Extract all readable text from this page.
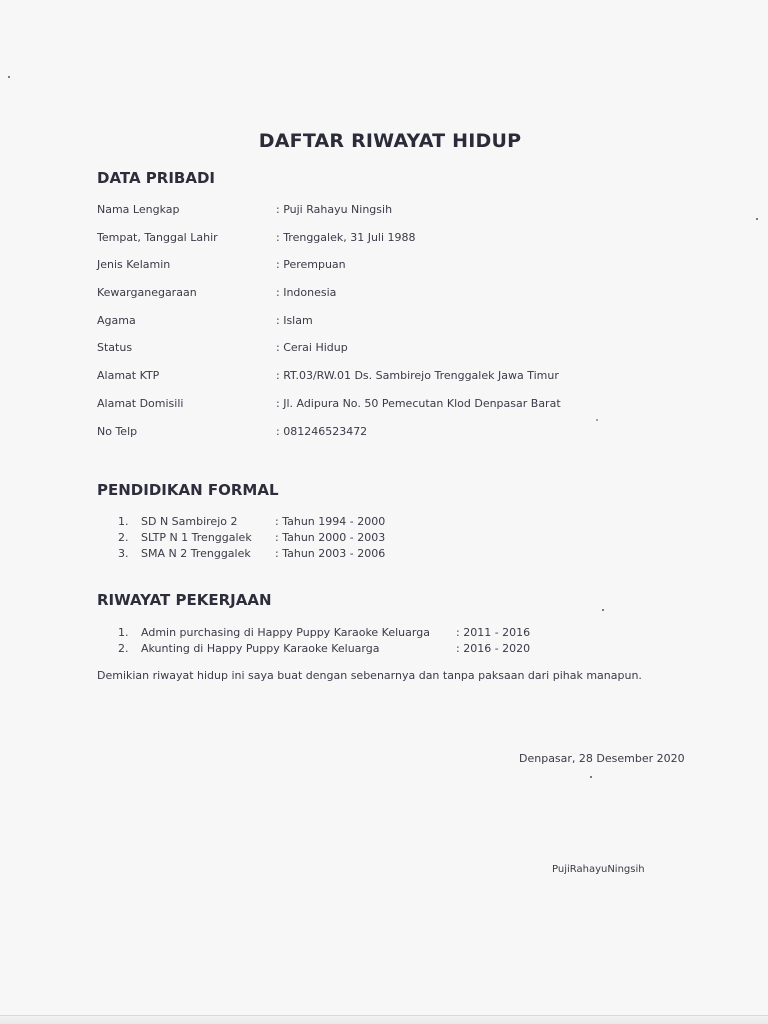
DAFTAR RIWAYAT HIDUP
DATA PRIBADI
Nama Lengkap	: Puji Rahayu Ningsih
Tempat, Tanggal Lahir	: Trenggalek, 31 Juli 1988
Jenis Kelamin	: Perempuan
Kewarganegaraan	: Indonesia
Agama	: Islam
Status	: Cerai Hidup
Alamat KTP	: RT.03/RW.01 Ds. Sambirejo Trenggalek Jawa Timur
Alamat Domisili	: Jl. Adipura No. 50 Pemecutan Klod Denpasar Barat
No Telp	: 081246523472
PENDIDIKAN FORMAL
1. SD N Sambirejo 2	: Tahun 1994 - 2000
2. SLTP N 1 Trenggalek : Tahun 2000 - 2003
3. SMA N 2 Trenggalek : Tahun 2003 - 2006
RIWAYAT PEKERJAAN
1. Admin purchasing di Happy Puppy Karaoke Keluarga : 2011 - 2016
2. Akunting di Happy Puppy Karaoke Keluarga	: 2016 - 2020
Demikian riwayat hidup ini saya buat dengan sebenarnya dan tanpa paksaan dari pihak manapun.
Denpasar, 28 Desember 2020
PujiRahayuNingsih
